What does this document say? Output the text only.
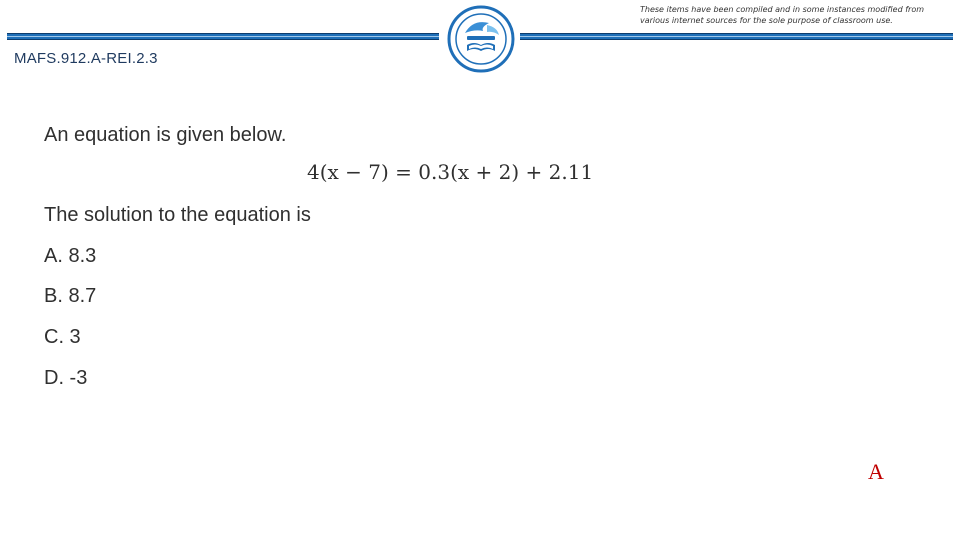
These items have been compiled and in some instances modified from various internet sources for the sole purpose of classroom use.
MAFS.912.A-REI.2.3
An equation is given below.
The solution to the equation is
A. 8.3
B. 8.7
C. 3
D. -3
4(x − 7) = 0.3(x + 2) + 2.11
A
